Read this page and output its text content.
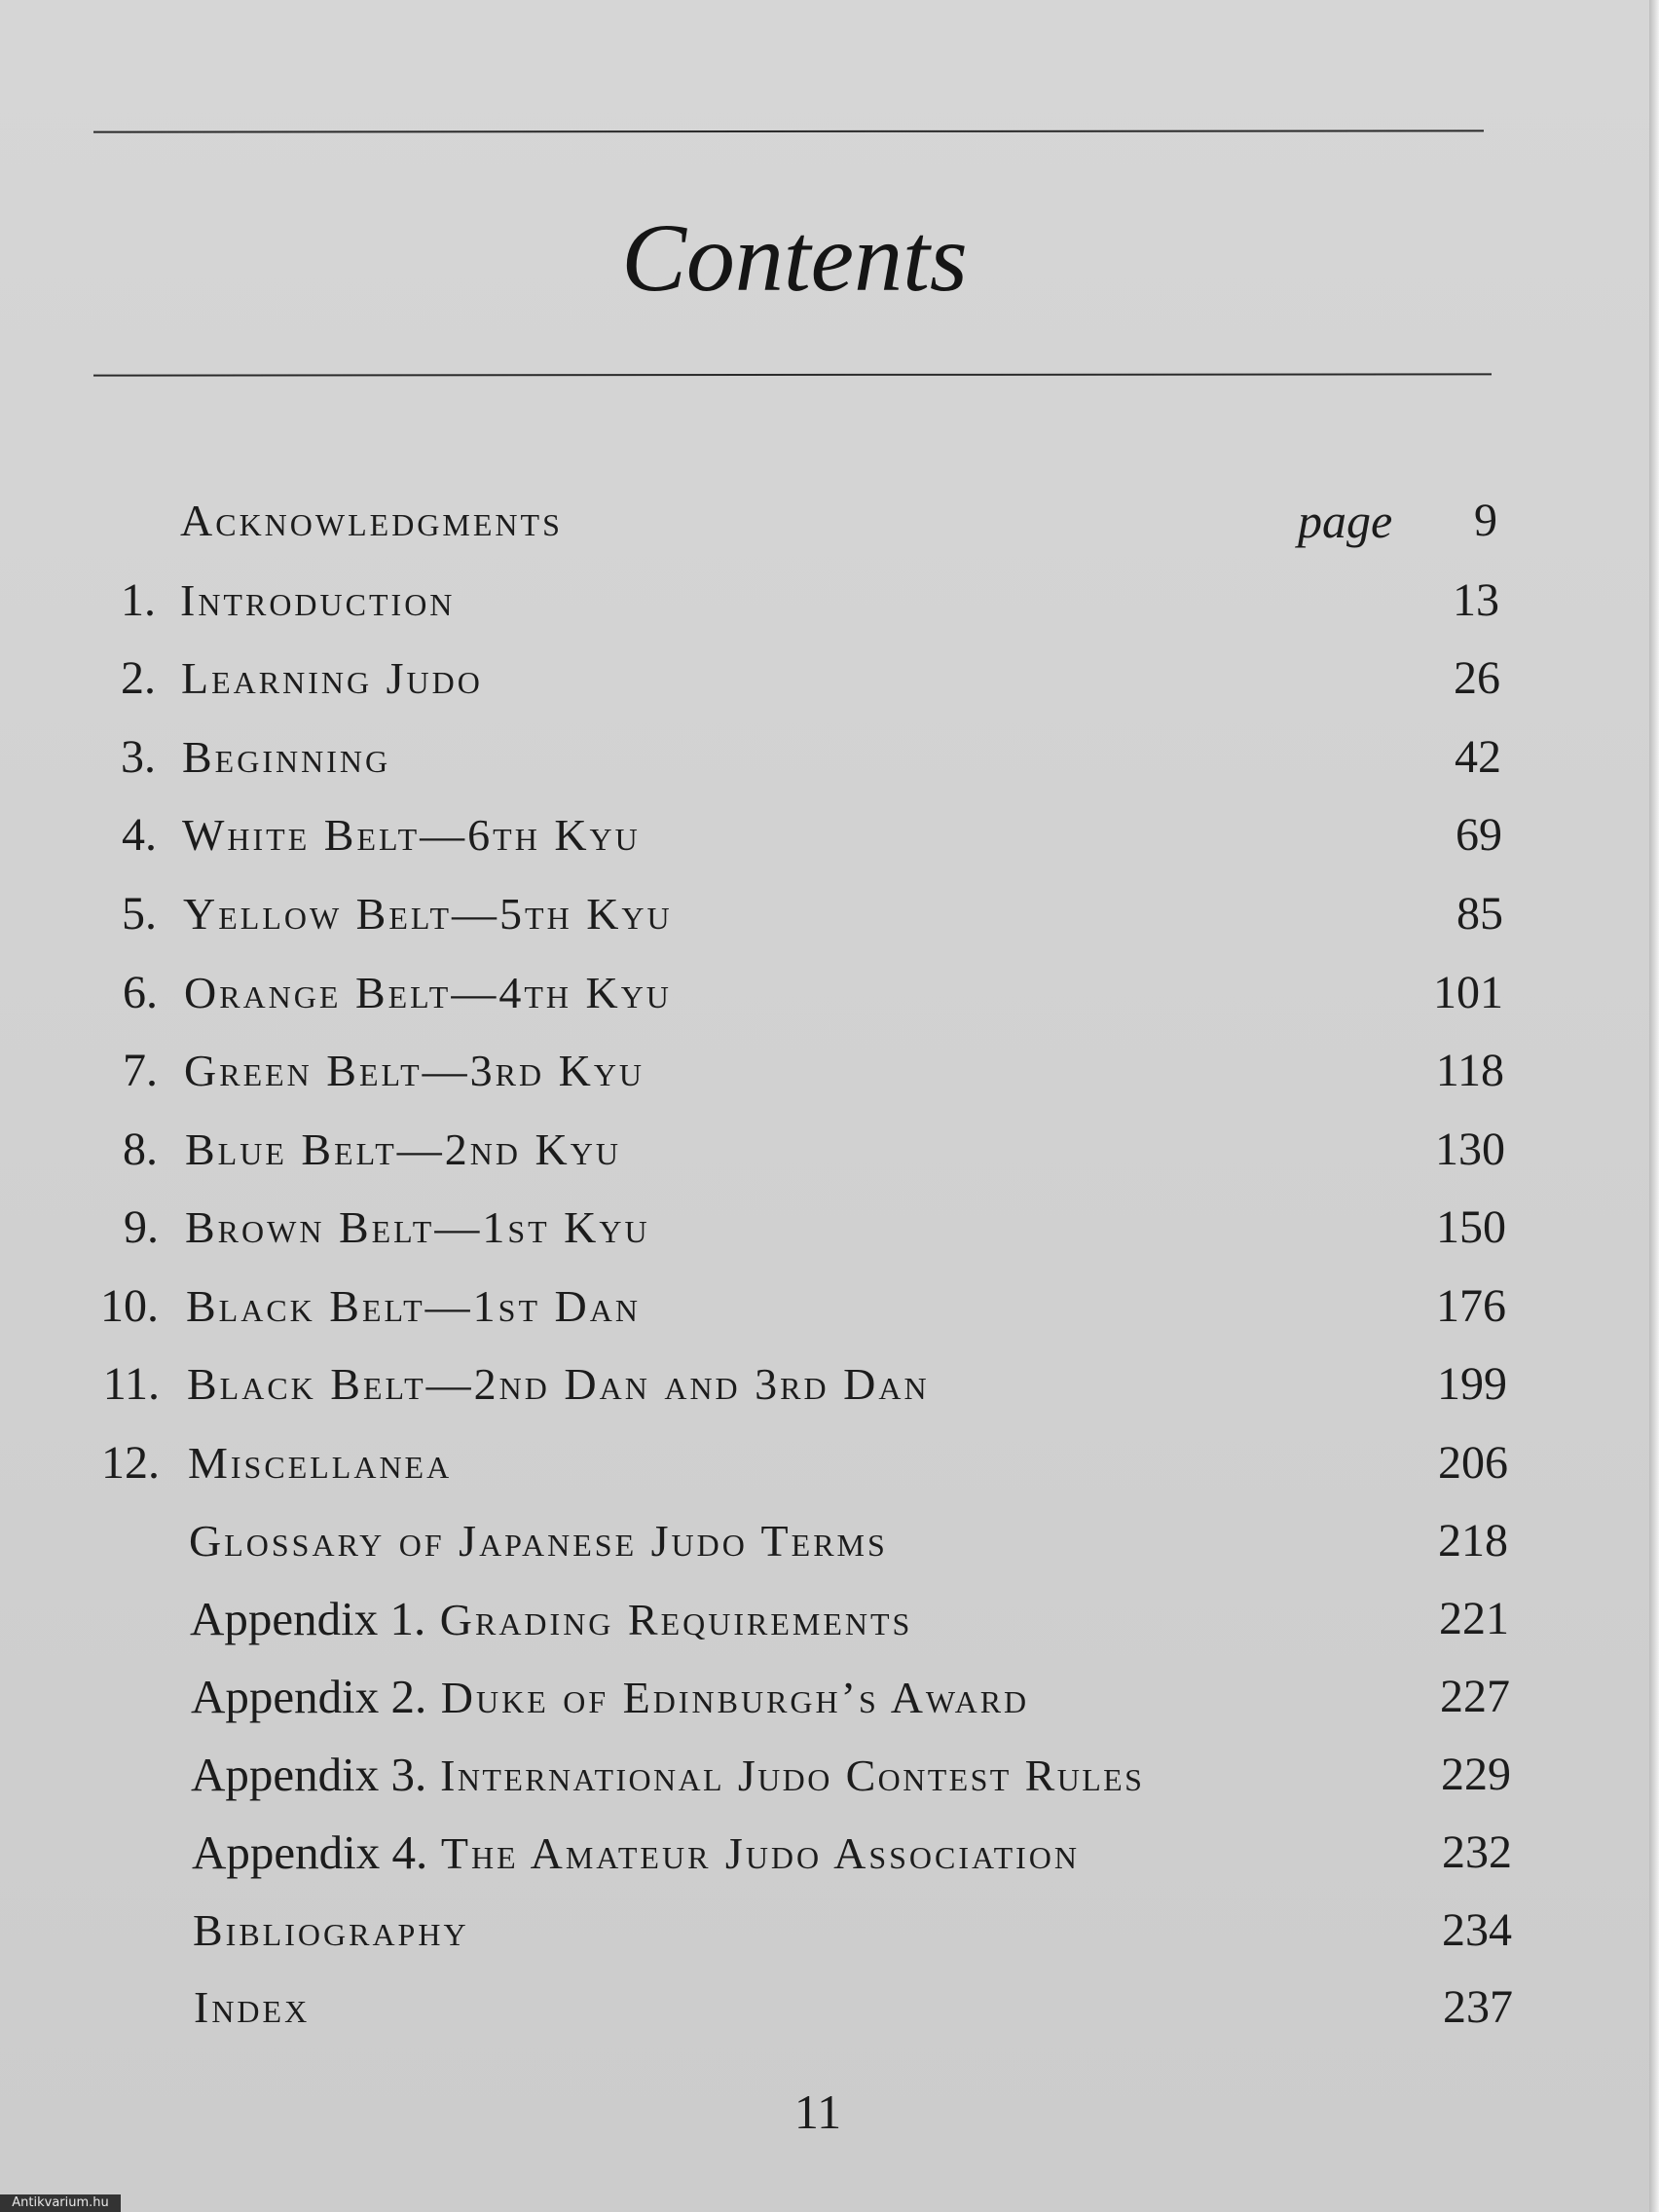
Contents
Acknowledgments	page	9
1. Introduction	13
2. Learning Judo	26
3. Beginning	42
4. White Belt—6th Kyu	69
5. Yellow Belt—5th Kyu	85
6. Orange Belt—4th Kyu	101
7. Green Belt—3rd Kyu	118
8. Blue Belt—2nd Kyu	130
9. Brown Belt—1st Kyu	150
10. Black Belt—1st Dan	176
11. Black Belt—2nd Dan and 3rd Dan	199
12. Miscellanea	206
Glossary of Japanese Judo Terms	218
Appendix 1. Grading Requirements	221
Appendix 2. Duke of Edinburgh’s Award	227
Appendix 3. International Judo Contest Rules	229
Appendix 4. The Amateur Judo Association	232
Bibliography	234
Index	237
11
Antikvarium.hu
